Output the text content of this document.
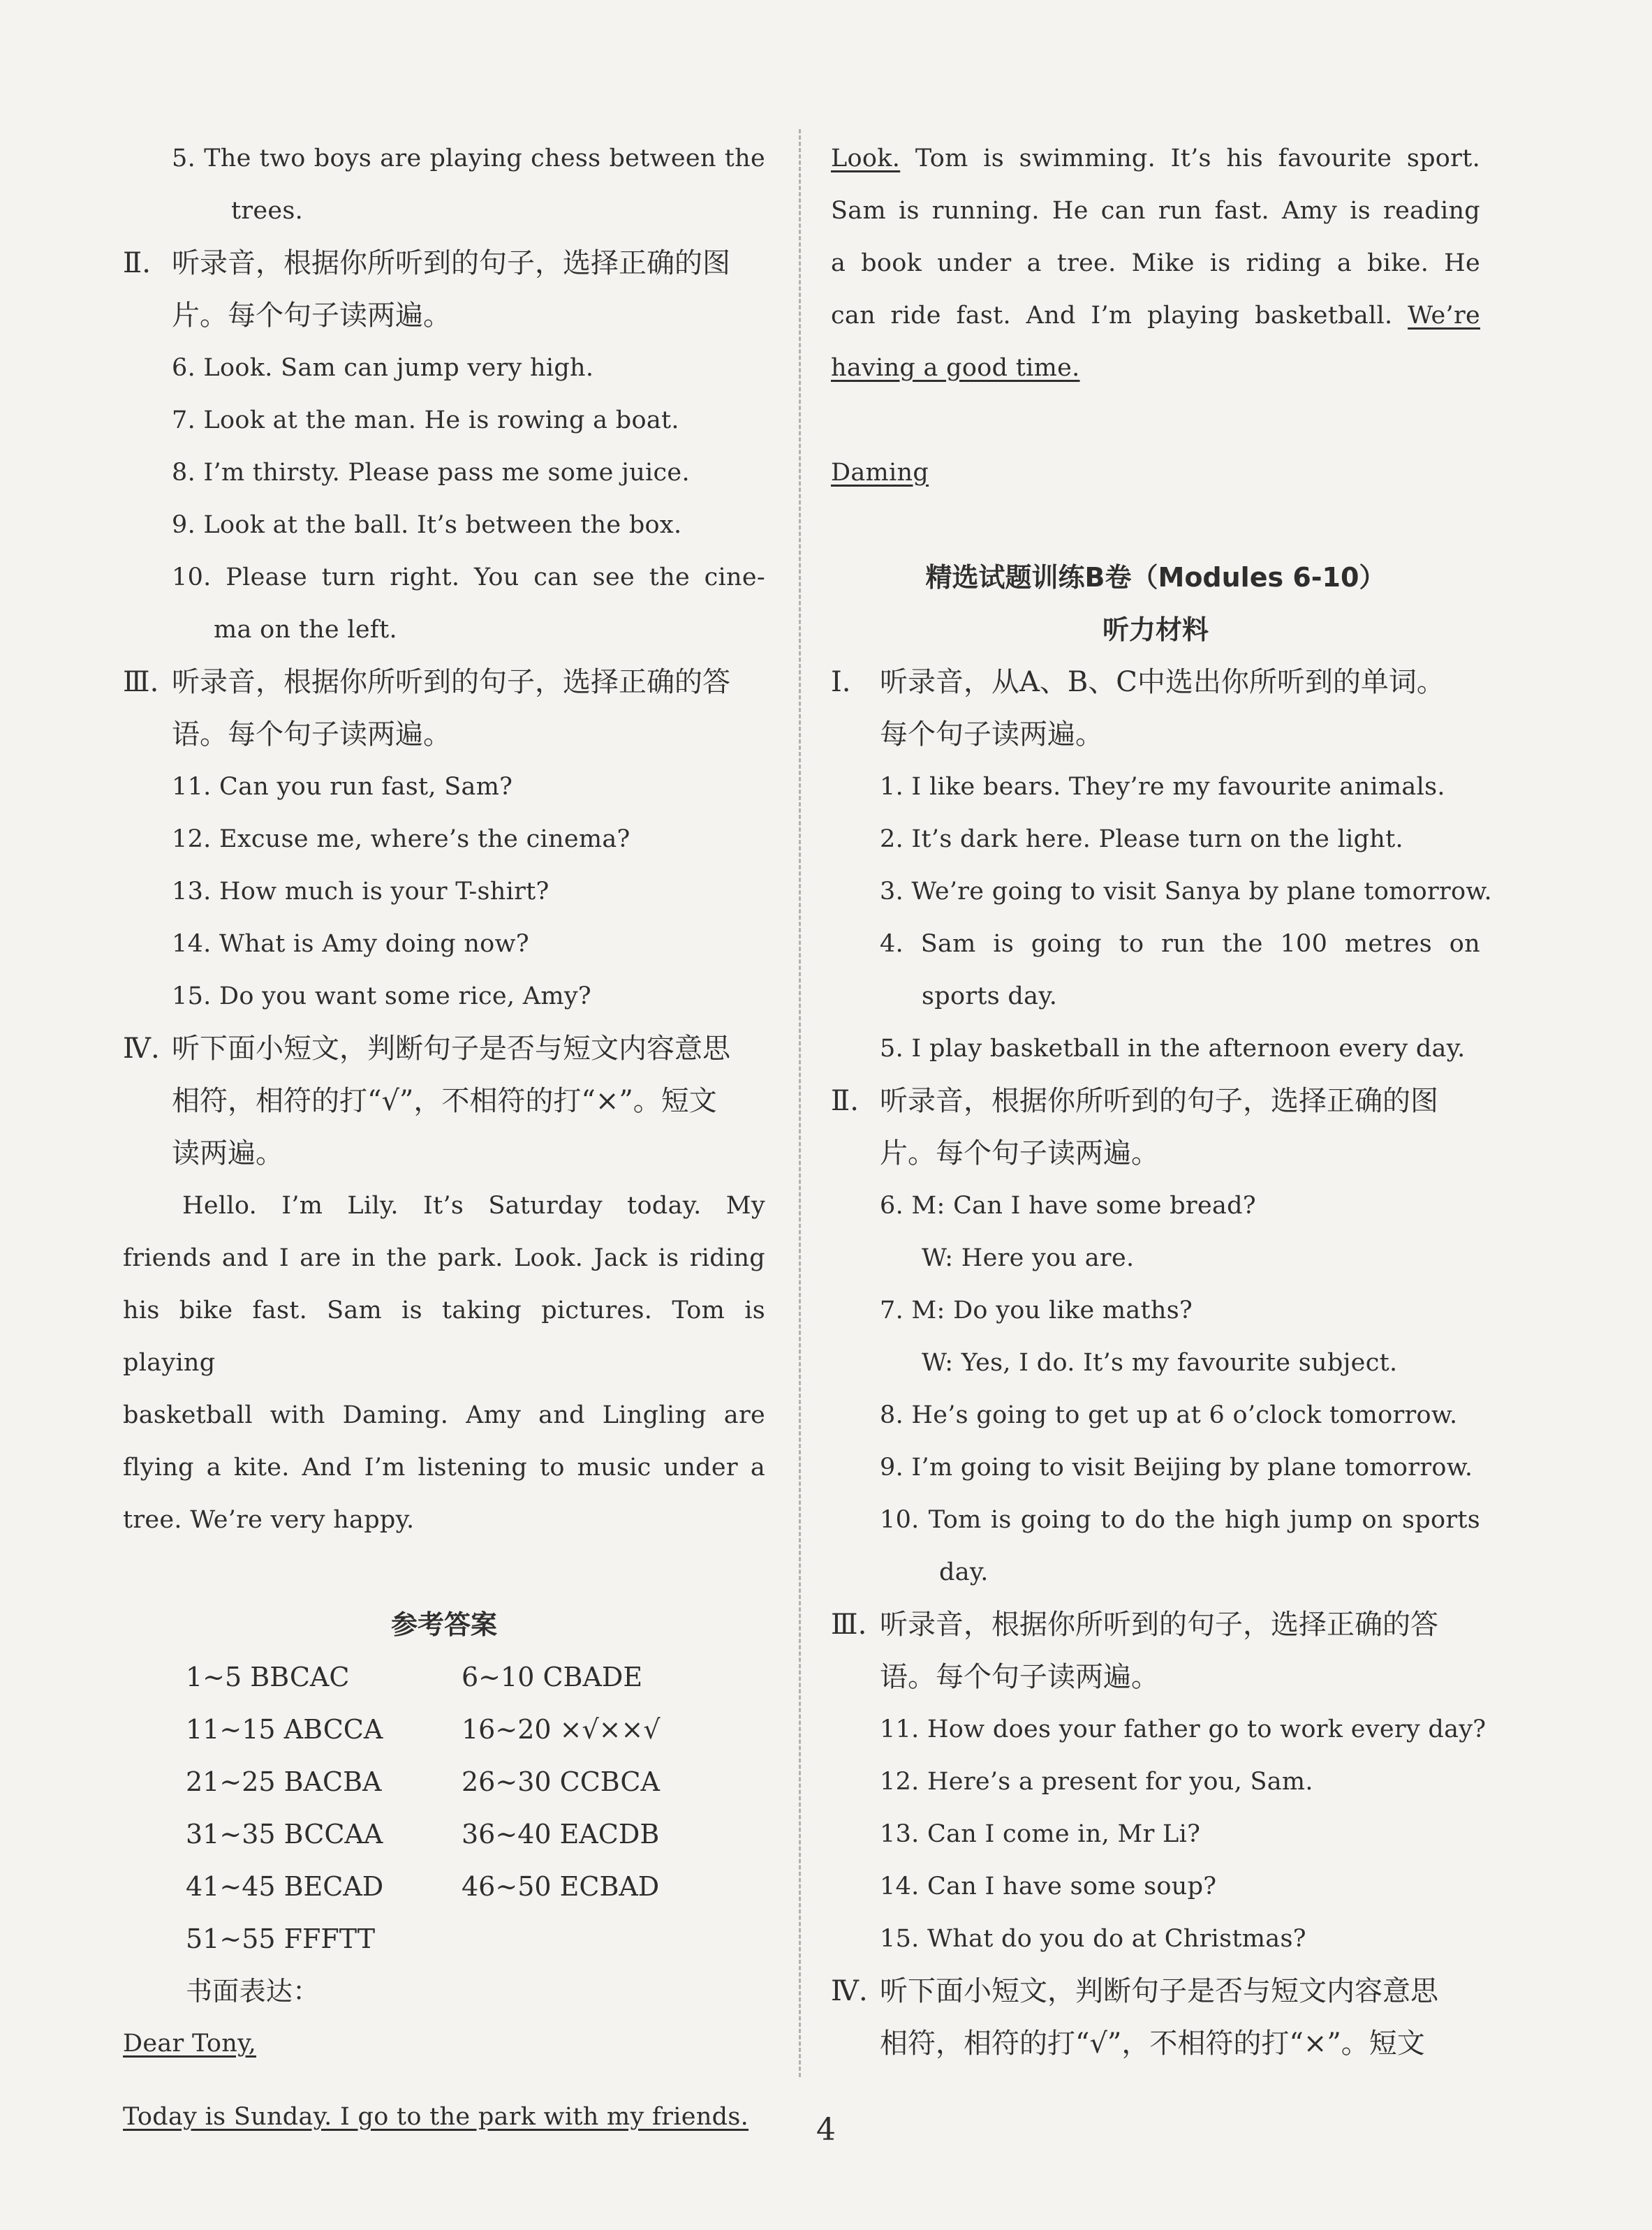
5. The two boys are playing chess between the
trees.
Ⅱ. 听录音，根据你所听到的句子，选择正确的图
片。每个句子读两遍。
6. Look. Sam can jump very high.
7. Look at the man. He is rowing a boat.
8. I’m thirsty. Please pass me some juice.
9. Look at the ball. It’s between the box.
10. Please turn right. You can see the cine-
ma on the left.
Ⅲ. 听录音，根据你所听到的句子，选择正确的答
语。每个句子读两遍。
11. Can you run fast, Sam?
12. Excuse me, where’s the cinema?
13. How much is your T-shirt?
14. What is Amy doing now?
15. Do you want some rice, Amy?
Ⅳ. 听下面小短文，判断句子是否与短文内容意思
相符，相符的打“√”，不相符的打“×”。短文
读两遍。
Hello. I’m Lily. It’s Saturday today. My
friends and I are in the park. Look. Jack is riding
his bike fast. Sam is taking pictures. Tom is playing
basketball with Daming. Amy and Lingling are
flying a kite. And I’m listening to music under a
tree. We’re very happy.
参考答案
1~5 BBCAC	6~10 CBADE
11~15 ABCCA	16~20 ×√××√
21~25 BACBA	26~30 CCBCA
31~35 BCCAA	36~40 EACDB
41~45 BECAD	46~50 ECBAD
51~55 FFFTT
书面表达：
Dear Tony,
Today is Sunday. I go to the park with my friends.
Look. Tom is swimming. It’s his favourite sport.
Sam is running. He can run fast. Amy is reading
a book under a tree. Mike is riding a bike. He
can ride fast. And I’m playing basketball. We’re
having a good time.
Daming
精选试题训练B卷（Modules 6-10）
听力材料
Ⅰ. 听录音，从A、B、C中选出你所听到的单词。
每个句子读两遍。
1. I like bears. They’re my favourite animals.
2. It’s dark here. Please turn on the light.
3. We’re going to visit Sanya by plane tomorrow.
4. Sam is going to run the 100 metres on
sports day.
5. I play basketball in the afternoon every day.
Ⅱ. 听录音，根据你所听到的句子，选择正确的图
片。每个句子读两遍。
6. M: Can I have some bread?
W: Here you are.
7. M: Do you like maths?
W: Yes, I do. It’s my favourite subject.
8. He’s going to get up at 6 o’clock tomorrow.
9. I’m going to visit Beijing by plane tomorrow.
10. Tom is going to do the high jump on sports
day.
Ⅲ. 听录音，根据你所听到的句子，选择正确的答
语。每个句子读两遍。
11. How does your father go to work every day?
12. Here’s a present for you, Sam.
13. Can I come in, Mr Li?
14. Can I have some soup?
15. What do you do at Christmas?
Ⅳ. 听下面小短文，判断句子是否与短文内容意思
相符，相符的打“√”，不相符的打“×”。短文
4
